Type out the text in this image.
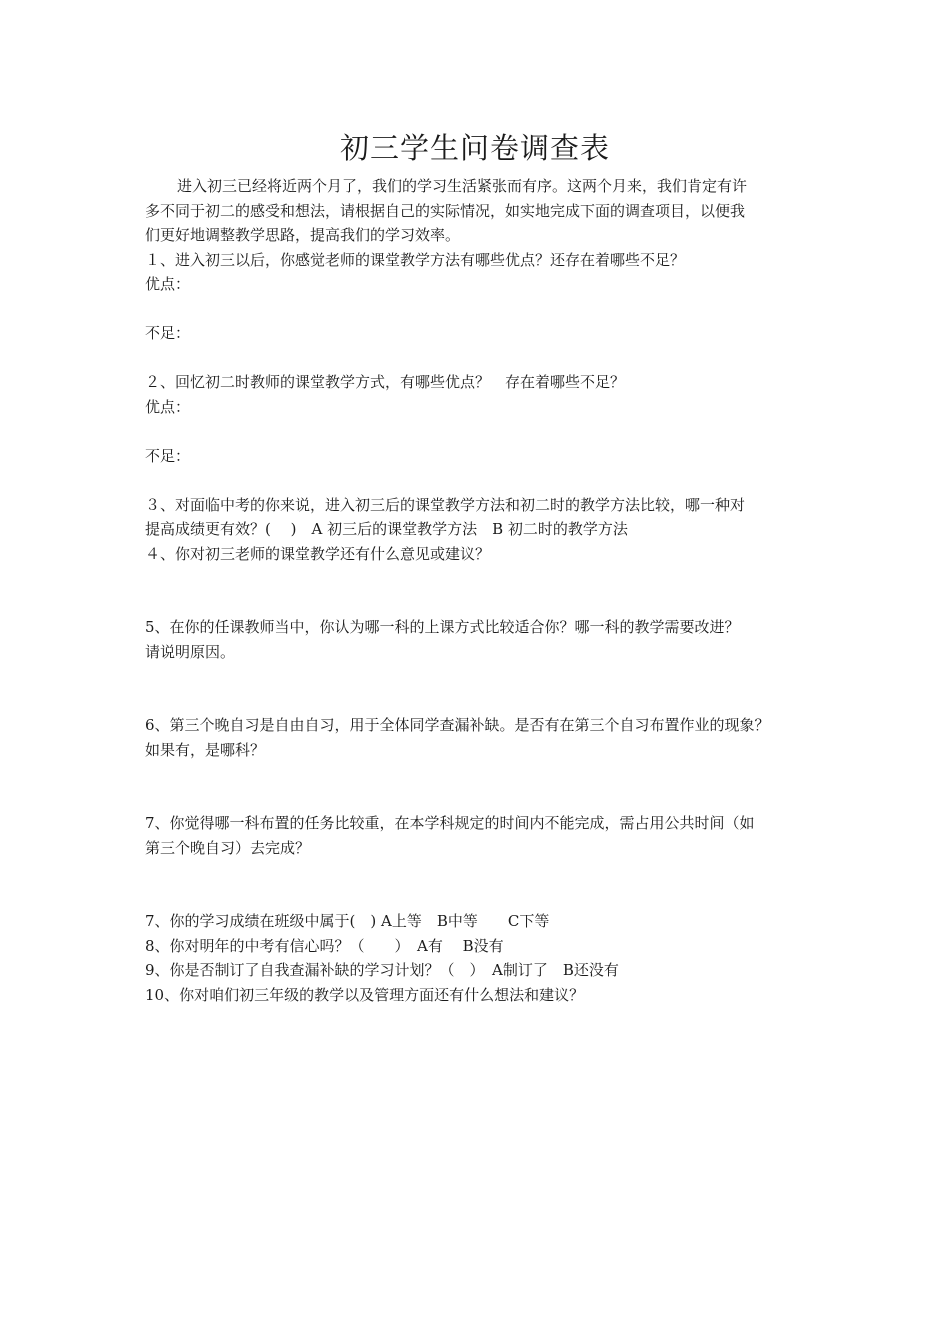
初三学生问卷调查表
进入初三已经将近两个月了，我们的学习生活紧张而有序。这两个月来，我们肯定有许
多不同于初二的感受和想法，请根据自己的实际情况，如实地完成下面的调查项目，以便我
们更好地调整教学思路，提高我们的学习效率。
１、进入初三以后，你感觉老师的课堂教学方法有哪些优点？还存在着哪些不足？
优点：
不足：
２、回忆初二时教师的课堂教学方式，有哪些优点？　存在着哪些不足？
优点：
不足：
３、对面临中考的你来说，进入初三后的课堂教学方法和初二时的教学方法比较，哪一种对
提高成绩更有效？(　 )　A 初三后的课堂教学方法　B 初二时的教学方法
４、你对初三老师的课堂教学还有什么意见或建议？
5、在你的任课教师当中，你认为哪一科的上课方式比较适合你？哪一科的教学需要改进？
请说明原因。
6、第三个晚自习是自由自习，用于全体同学查漏补缺。是否有在第三个自习布置作业的现象？
如果有，是哪科？
7、你觉得哪一科布置的任务比较重，在本学科规定的时间内不能完成，需占用公共时间（如
第三个晚自习）去完成？
7、你的学习成绩在班级中属于(　) A上等　B中等　　C下等
8、你对明年的中考有信心吗？（　　）　A有　 B没有
9、你是否制订了自我查漏补缺的学习计划？（　）　A制订了　B还没有
10、你对咱们初三年级的教学以及管理方面还有什么想法和建议？
